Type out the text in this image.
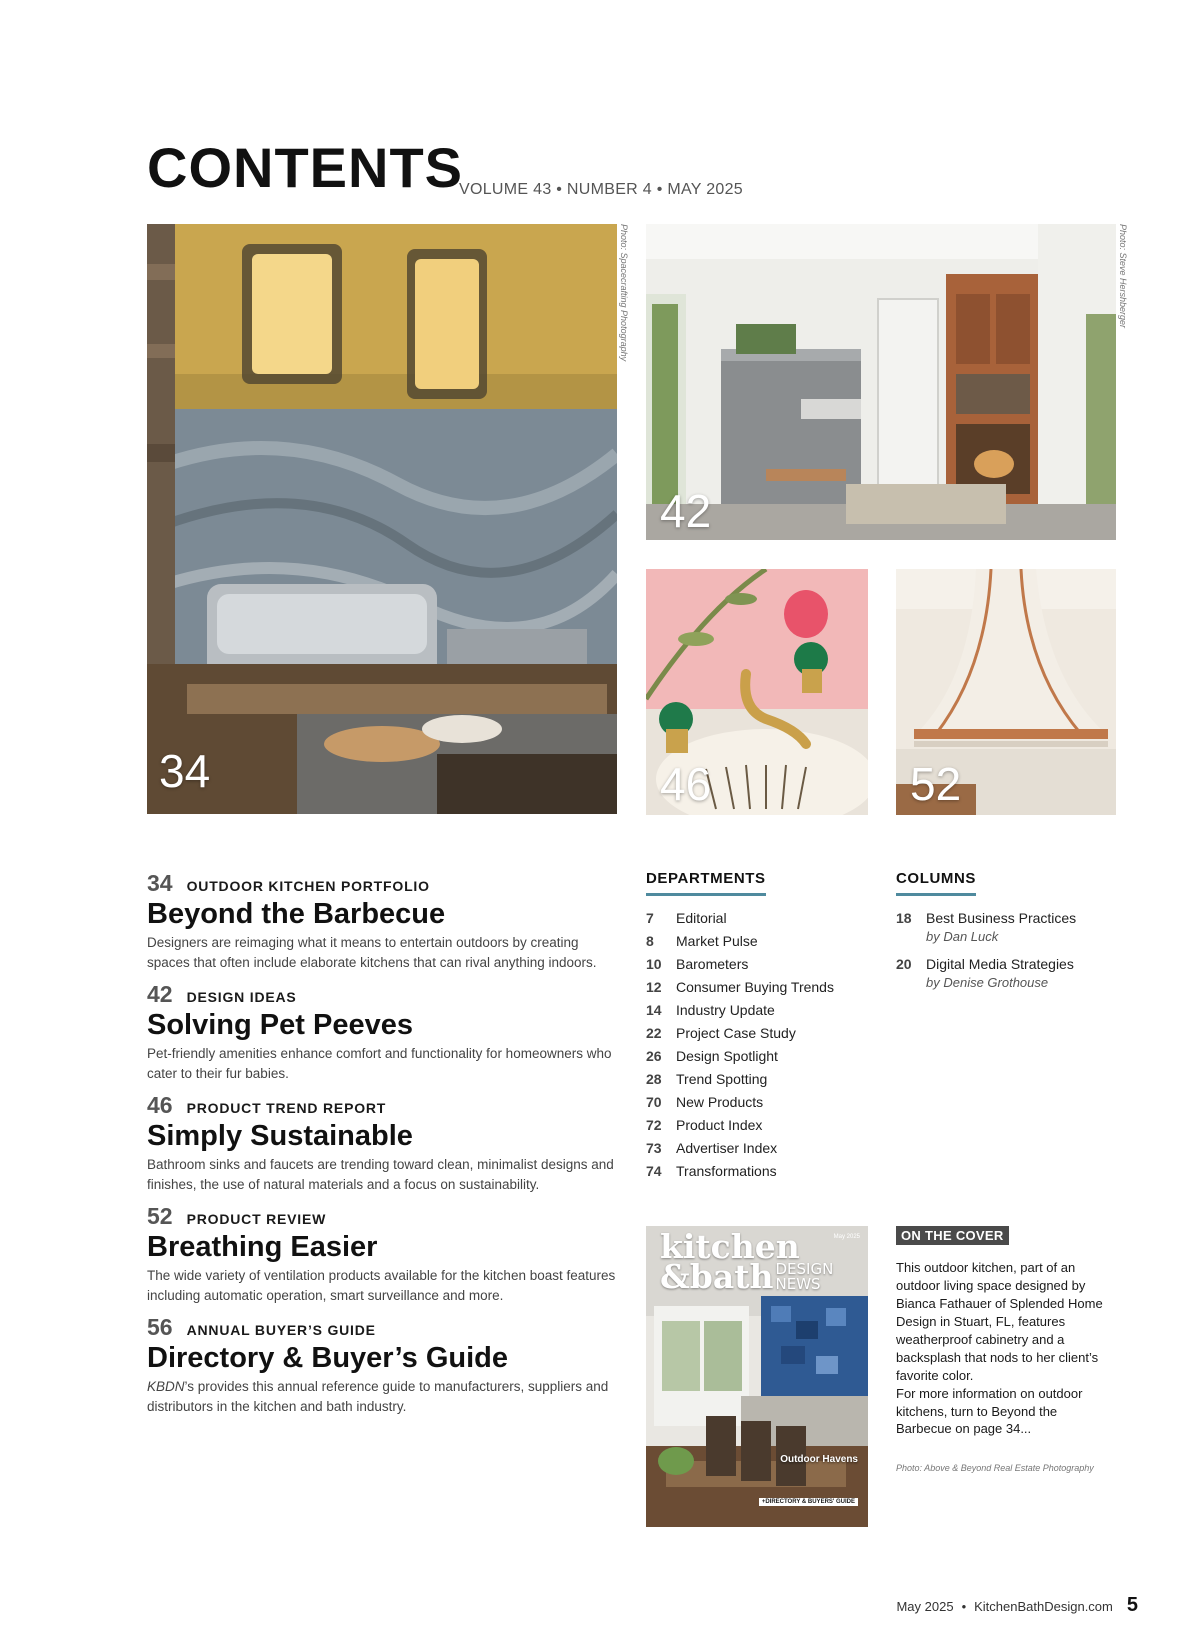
CONTENTS
VOLUME 43 • NUMBER 4 • MAY 2025
34
Photo: Spacecrafting Photography
42
Photo: Steve Hershberger
46	52
34 OUTDOOR KITCHEN PORTFOLIO
Beyond the Barbecue
Designers are reimaging what it means to entertain outdoors by creating spaces that often include elaborate kitchens that can rival anything indoors.
42 DESIGN IDEAS
Solving Pet Peeves
Pet-friendly amenities enhance comfort and functionality for homeowners who cater to their fur babies.
46 PRODUCT TREND REPORT
Simply Sustainable
Bathroom sinks and faucets are trending toward clean, minimalist designs and finishes, the use of natural materials and a focus on sustainability.
52 PRODUCT REVIEW
Breathing Easier
The wide variety of ventilation products available for the kitchen boast features including automatic operation, smart surveillance and more.
56 ANNUAL BUYER’S GUIDE
Directory & Buyer’s Guide
KBDN’s provides this annual reference guide to manufacturers, suppliers and distributors in the kitchen and bath industry.
DEPARTMENTS
7	Editorial
8	Market Pulse
10	Barometers
12	Consumer Buying Trends
14	Industry Update
22	Project Case Study
26	Design Spotlight
28	Trend Spotting
70	New Products
72	Product Index
73	Advertiser Index
74	Transformations
COLUMNS
18	Best Business Practices
by Dan Luck
20	Digital Media Strategies
by Denise Grothouse
kitchen
&bath DESIGN
NEWS
May 2025
Outdoor Havens
+DIRECTORY & BUYERS' GUIDE
ON THE COVER
This outdoor kitchen, part of an outdoor living space designed by Bianca Fathauer of Splended Home Design in Stuart, FL, features weatherproof cabinetry and a backsplash that nods to her client’s favorite color.
For more information on outdoor kitchens, turn to Beyond the Barbecue on page 34...
Photo: Above & Beyond Real Estate Photography
May 2025 • KitchenBathDesign.com 5
